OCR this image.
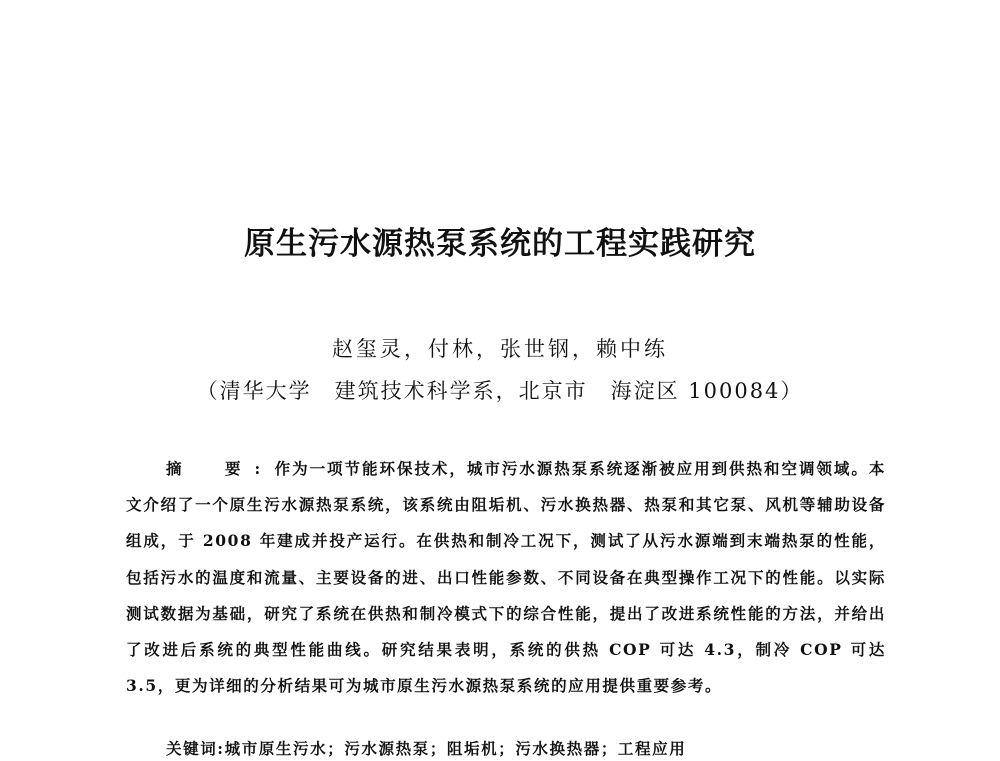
原生污水源热泵系统的工程实践研究
赵玺灵，付林，张世钢，赖中练
（清华大学　建筑技术科学系，北京市　海淀区 100084）

摘　要:作为一项节能环保技术，城市污水源热泵系统逐渐被应用到供热和空调领域。本文介绍了一个原生污水源热泵系统，该系统由阻垢机、污水换热器、热泵和其它泵、风机等辅助设备组成，于 2008 年建成并投产运行。在供热和制冷工况下，测试了从污水源端到末端热泵的性能，包括污水的温度和流量、主要设备的进、出口性能参数、不同设备在典型操作工况下的性能。以实际测试数据为基础，研究了系统在供热和制冷模式下的综合性能，提出了改进系统性能的方法，并给出了改进后系统的典型性能曲线。研究结果表明，系统的供热 COP 可达 4.3，制冷 COP 可达 3.5，更为详细的分析结果可为城市原生污水源热泵系统的应用提供重要参考。

关键词:城市原生污水；污水源热泵；阻垢机；污水换热器；工程应用
